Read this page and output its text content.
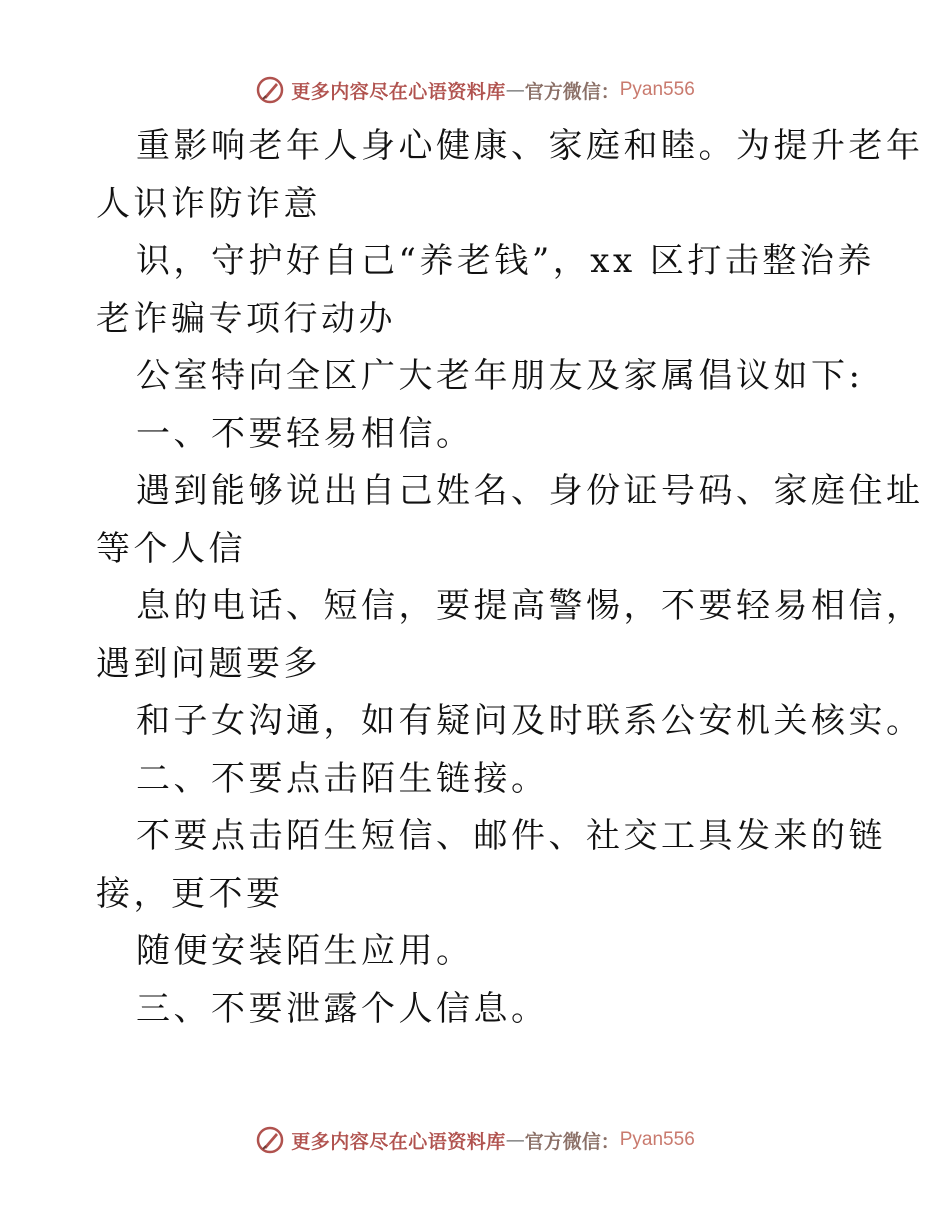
更多内容尽在心语资料库 — 官方微信： Pyan556
重影响老年人身心健康、家庭和睦。为提升老年
人识诈防诈意
识，守护好自己“养老钱”，xx 区打击整治养
老诈骗专项行动办
公室特向全区广大老年朋友及家属倡议如下:
一、不要轻易相信。
遇到能够说出自己姓名、身份证号码、家庭住址
等个人信
息的电话、短信，要提高警惕，不要轻易相信，
遇到问题要多
和子女沟通，如有疑问及时联系公安机关核实。
二、不要点击陌生链接。
不要点击陌生短信、邮件、社交工具发来的链
接，更不要
随便安装陌生应用。
三、不要泄露个人信息。
更多内容尽在心语资料库 — 官方微信： Pyan556
